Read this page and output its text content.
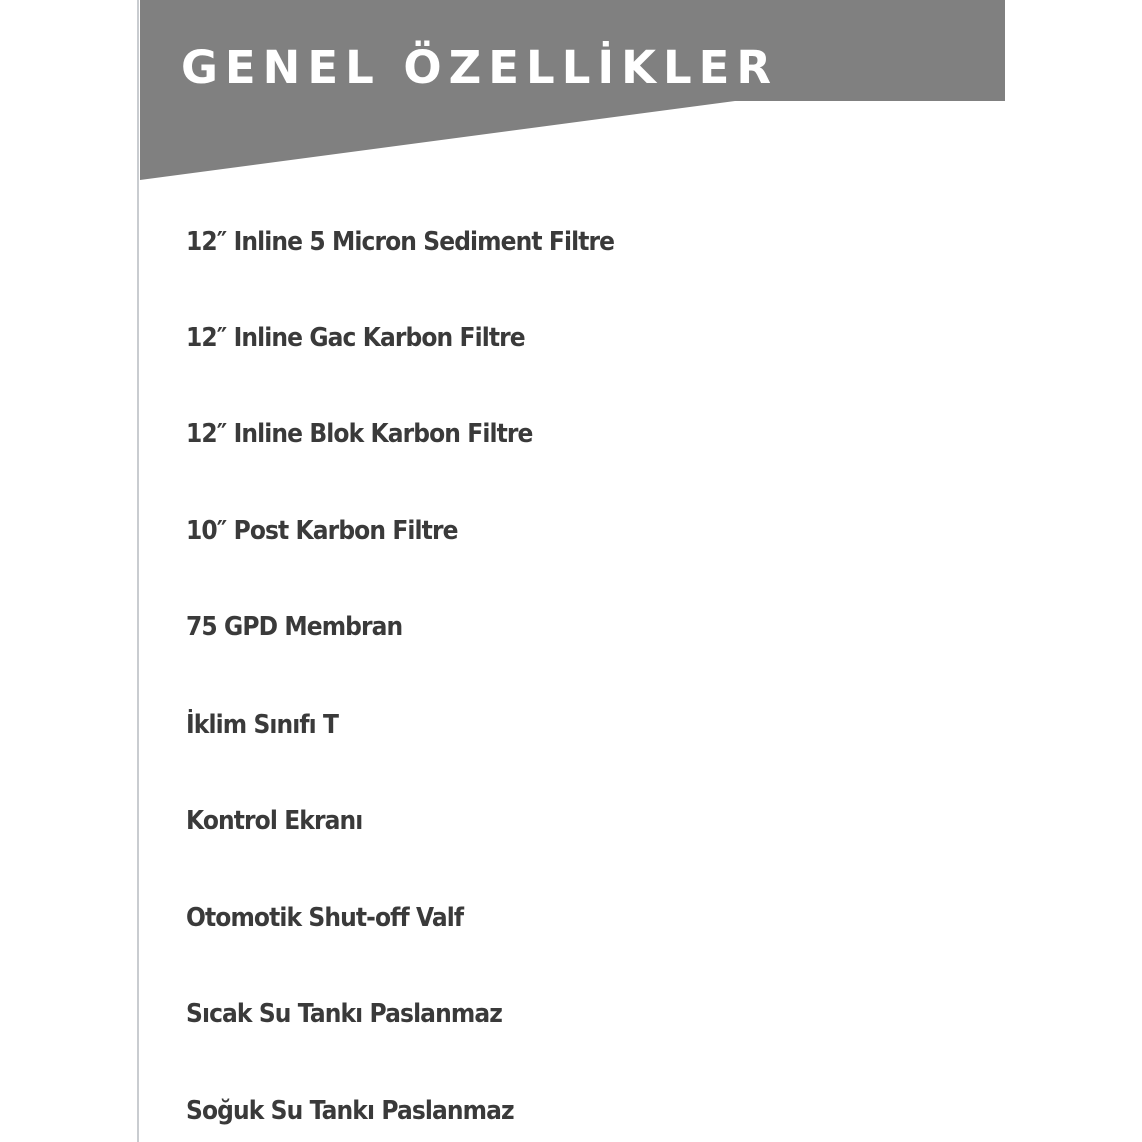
GENEL ÖZELLİKLER
12″ Inline 5 Micron Sediment Filtre
12″ Inline Gac Karbon Filtre
12″ Inline Blok Karbon Filtre
10″ Post Karbon Filtre
75 GPD Membran
İklim Sınıfı T
Kontrol Ekranı
Otomotik Shut-off Valf
Sıcak Su Tankı Paslanmaz
Soğuk Su Tankı Paslanmaz
